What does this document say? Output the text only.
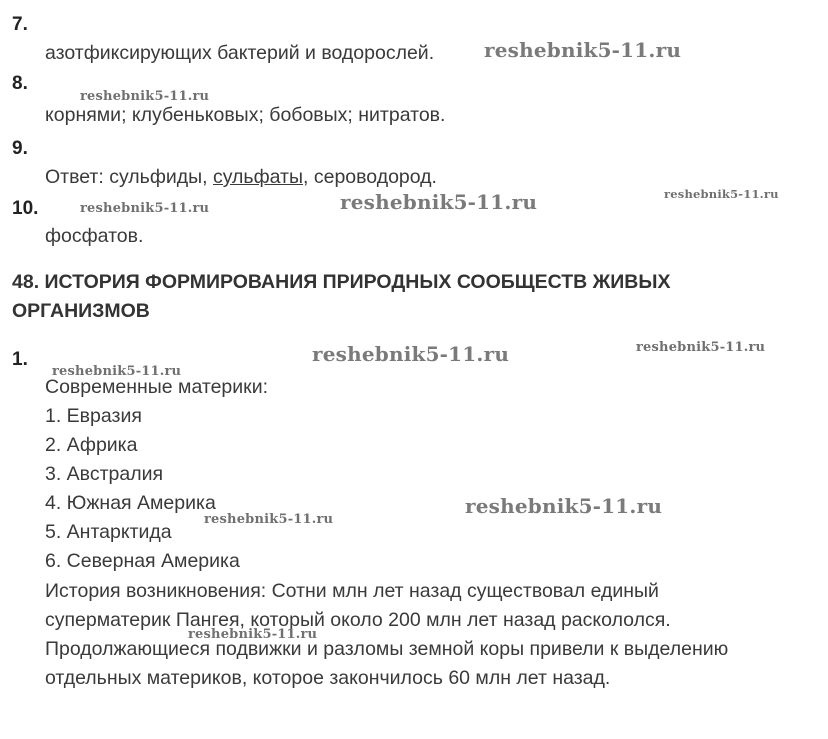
7.
азотфиксирующих бактерий и водорослей.
8.
корнями; клубеньковых; бобовых; нитратов.
9.
Ответ: сульфиды, сульфаты, сероводород.
10.
фосфатов.
48. ИСТОРИЯ ФОРМИРОВАНИЯ ПРИРОДНЫХ СООБЩЕСТВ ЖИВЫХ
ОРГАНИЗМОВ
1.
Современные материки:
1. Евразия
2. Африка
3. Австралия
4. Южная Америка
5. Антарктида
6. Северная Америка
История возникновения: Сотни млн лет назад существовал единый
суперматерик Пангея, который около 200 млн лет назад раскололся.
Продолжающиеся подвижки и разломы земной коры привели к выделению
отдельных материков, которое закончилось 60 млн лет назад.
reshebnik5-11.ru
reshebnik5-11.ru
reshebnik5-11.ru	reshebnik5-11.ru
reshebnik5-11.ru
reshebnik5-11.ru	reshebnik5-11.ru
reshebnik5-11.ru
reshebnik5-11.ru
reshebnik5-11.ru
reshebnik5-11.ru
